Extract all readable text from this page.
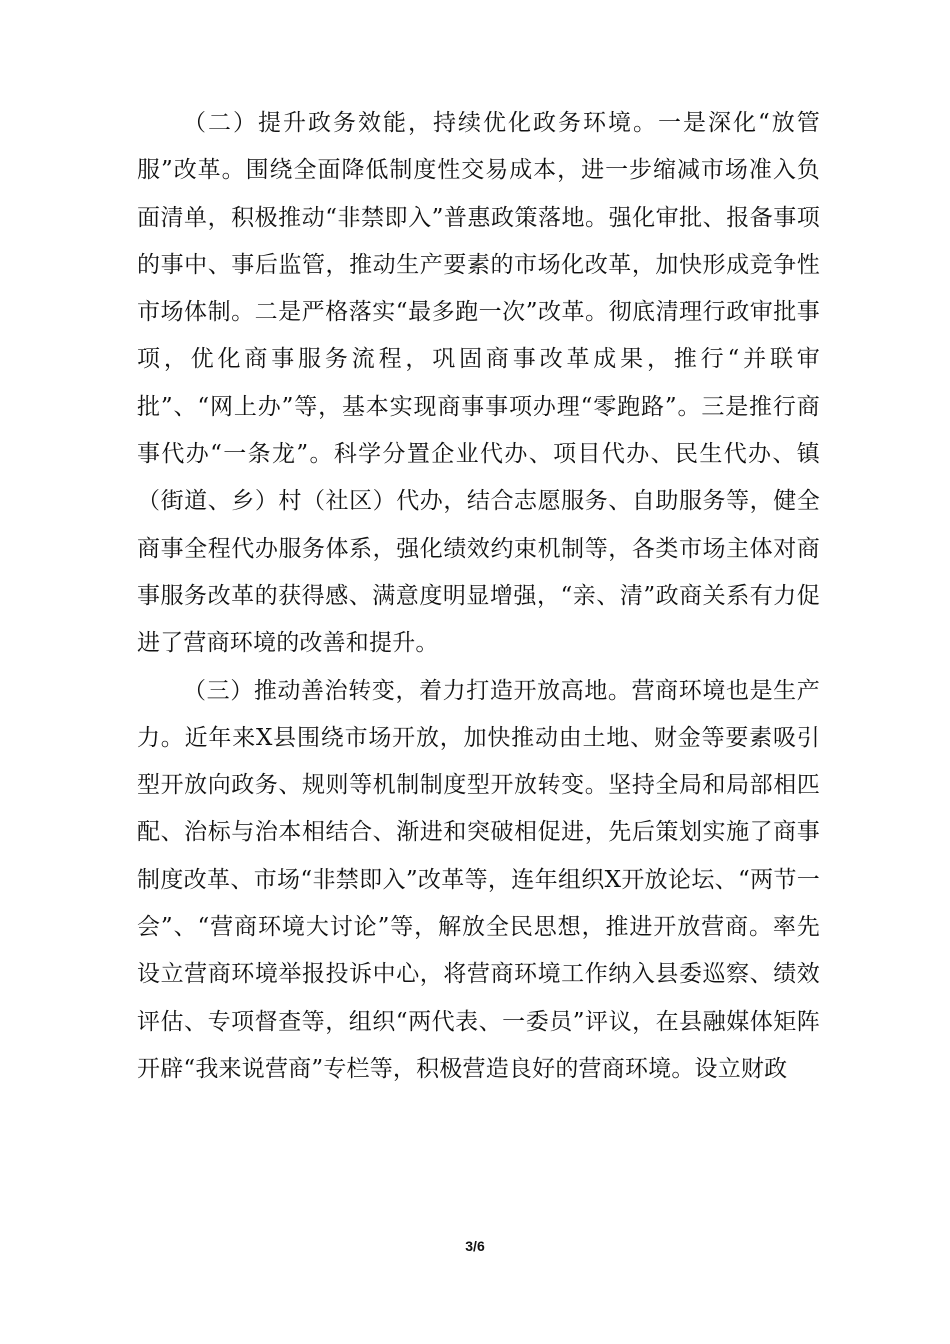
（二）提升政务效能，持续优化政务环境。一是深化“放管服”改革。围绕全面降低制度性交易成本，进一步缩减市场准入负面清单，积极推动“非禁即入”普惠政策落地。强化审批、报备事项的事中、事后监管，推动生产要素的市场化改革，加快形成竞争性市场体制。二是严格落实“最多跑一次”改革。彻底清理行政审批事项，优化商事服务流程，巩固商事改革成果，推行“并联审批”、“网上办”等，基本实现商事事项办理“零跑路”。三是推行商事代办“一条龙”。科学分置企业代办、项目代办、民生代办、镇（街道、乡）村（社区）代办，结合志愿服务、自助服务等，健全商事全程代办服务体系，强化绩效约束机制等，各类市场主体对商事服务改革的获得感、满意度明显增强，“亲、清”政商关系有力促进了营商环境的改善和提升。

（三）推动善治转变，着力打造开放高地。营商环境也是生产力。近年来X县围绕市场开放，加快推动由土地、财金等要素吸引型开放向政务、规则等机制制度型开放转变。坚持全局和局部相匹配、治标与治本相结合、渐进和突破相促进，先后策划实施了商事制度改革、市场“非禁即入”改革等，连年组织X开放论坛、“两节一会”、“营商环境大讨论”等，解放全民思想，推进开放营商。率先设立营商环境举报投诉中心，将营商环境工作纳入县委巡察、绩效评估、专项督查等，组织“两代表、一委员”评议，在县融媒体矩阵开辟“我来说营商”专栏等，积极营造良好的营商环境。设立财政

3/6
